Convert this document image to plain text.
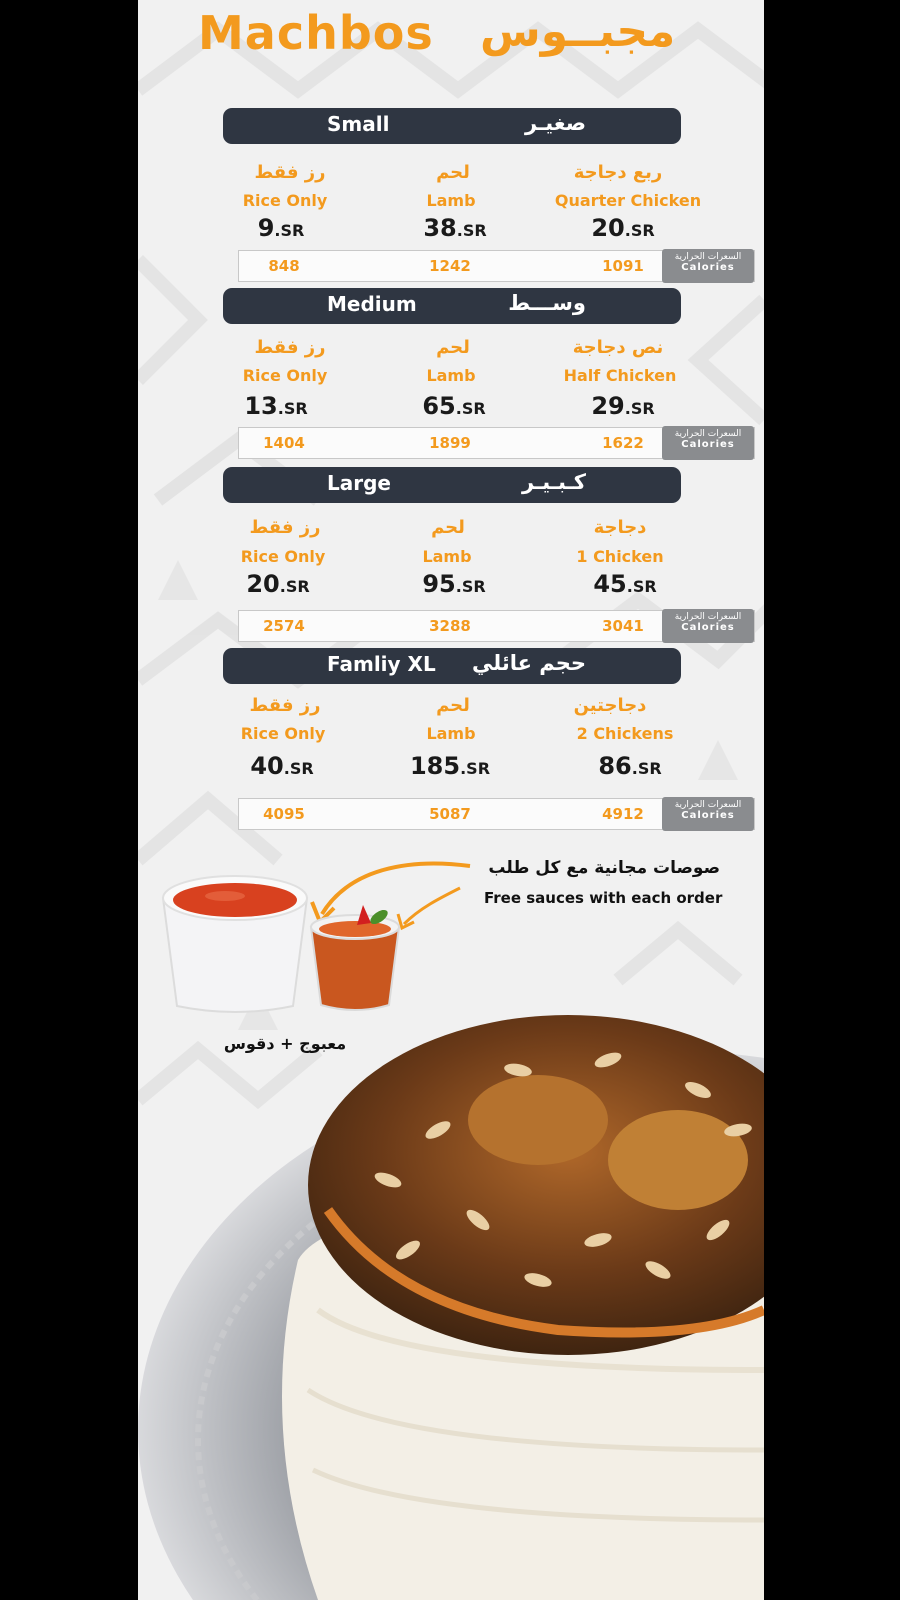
Machbos مجبــوس
Small	صغيـر
رز فقط	لحم	ربع دجاجة
Rice Only	Lamb	Quarter Chicken
9.SR	38.SR	20.SR
848	1242	1091	السعرات الحرارية
Calories
Medium	وســـط
رز فقط	لحم	نص دجاجة
Rice Only	Lamb	Half Chicken
13.SR	65.SR	29.SR
1404	1899	1622	السعرات الحرارية
Calories
Large	كـبـيـر
رز فقط	لحم	دجاجة
Rice Only	Lamb	1 Chicken
20.SR	95.SR	45.SR
2574	3288	3041	السعرات الحرارية
Calories
Famliy XL حجم عائلي
رز فقط	لحم	دجاجتين
Rice Only	Lamb	2 Chickens
40.SR	185.SR	86.SR
4095	5087	4912	السعرات الحرارية
Calories
صوصات مجانية مع كل طلب
Free sauces with each order
معبوج + دقوس
